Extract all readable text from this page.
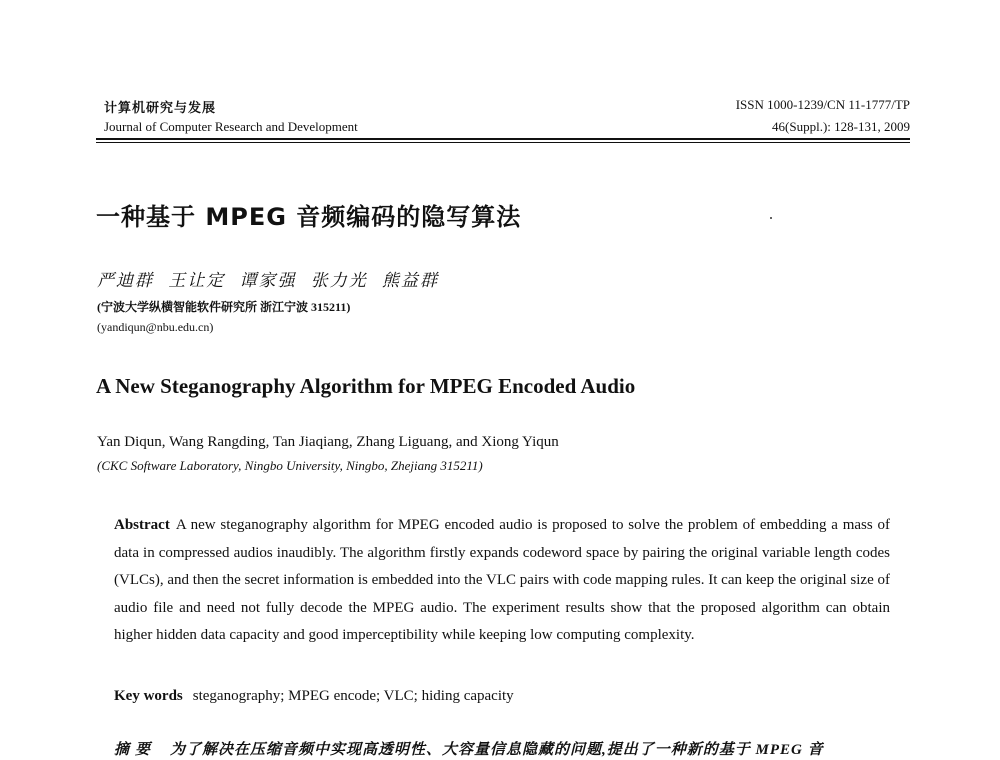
计算机研究与发展
Journal of Computer Research and Development
ISSN 1000-1239/CN 11-1777/TP
46(Suppl.): 128-131, 2009
一种基于 MPEG 音频编码的隐写算法
严迪群 王让定 谭家强 张力光 熊益群
(宁波大学纵横智能软件研究所 浙江宁波 315211)
(yandiqun@nbu.edu.cn)
A New Steganography Algorithm for MPEG Encoded Audio
Yan Diqun, Wang Rangding, Tan Jiaqiang, Zhang Liguang, and Xiong Yiqun
(CKC Software Laboratory, Ningbo University, Ningbo, Zhejiang 315211)

Abstract A new steganography algorithm for MPEG encoded audio is proposed to solve the problem of embedding a mass of data in compressed audios inaudibly. The algorithm firstly expands codeword space by pairing the original variable length codes (VLCs), and then the secret information is embedded into the VLC pairs with code mapping rules. It can keep the original size of audio file and need not fully decode the MPEG audio. The experiment results show that the proposed algorithm can obtain higher hidden data capacity and good imperceptibility while keeping low computing complexity.

Key words steganography; MPEG encode; VLC; hiding capacity
摘要 为了解决在压缩音频中实现高透明性、大容量信息隐藏的问题,提出了一种新的基于 MPEG 音
